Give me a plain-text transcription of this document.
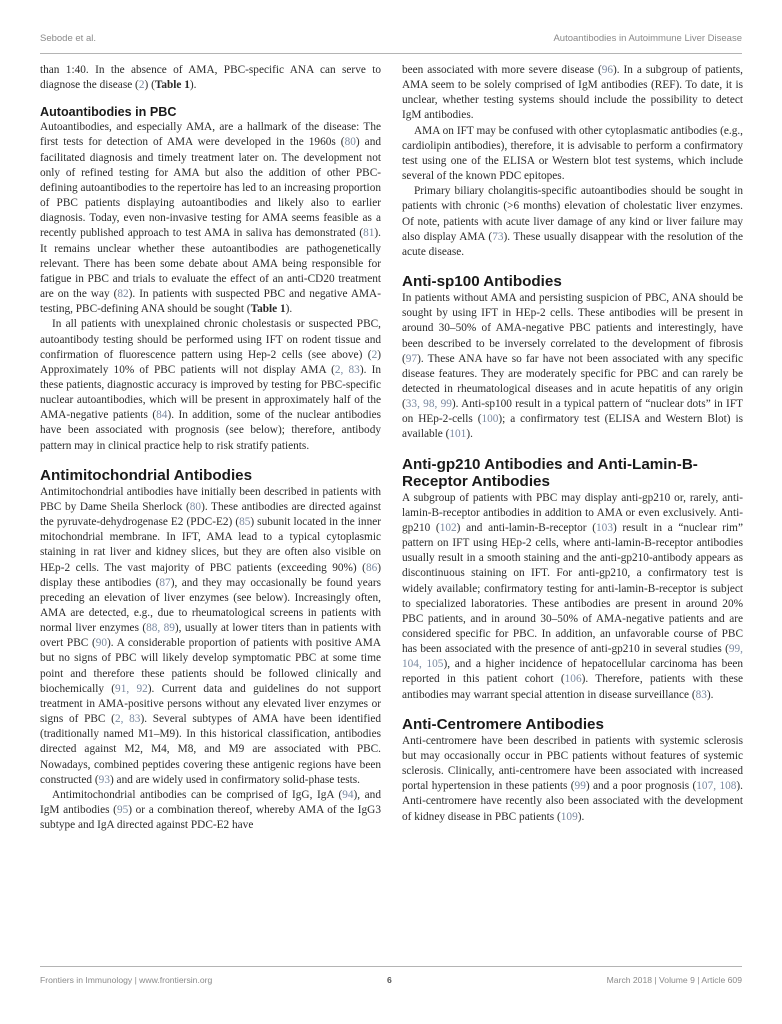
Sebode et al.	Autoantibodies in Autoimmune Liver Disease

than 1:40. In the absence of AMA, PBC-specific ANA can serve to diagnose the disease (2) (Table 1).

Autoantibodies in PBC

Autoantibodies, and especially AMA, are a hallmark of the disease: The first tests for detection of AMA were developed in the 1960s (80) and facilitated diagnosis and timely treatment later on. The development not only of refined testing for AMA but also the addition of other PBC-defining autoantibodies to the repertoire has led to an increasing proportion of PBC patients displaying autoantibodies and likely also to earlier diagnosis. Today, even non-invasive testing for AMA seems feasible as a recently published approach to test AMA in saliva has demonstrated (81). It remains unclear whether these autoantibodies are pathogenetically relevant. There has been some debate about AMA being responsible for fatigue in PBC and trials to evaluate the effect of an anti-CD20 treatment are on the way (82). In patients with suspected PBC and negative AMA-testing, PBC-defining ANA should be sought (Table 1).

In all patients with unexplained chronic cholestasis or suspected PBC, autoantibody testing should be performed using IFT on rodent tissue and confirmation of fluorescence pattern using Hep-2 cells (see above) (2) Approximately 10% of PBC patients will not display AMA (2, 83). In these patients, diagnostic accuracy is improved by testing for PBC-specific nuclear autoantibodies, which will be present in approximately half of the AMA-negative patients (84). In addition, some of the nuclear antibodies have been associated with prognosis (see below); therefore, antibody pattern may in clinical practice help to risk stratify patients.

Antimitochondrial Antibodies

Antimitochondrial antibodies have initially been described in patients with PBC by Dame Sheila Sherlock (80). These antibodies are directed against the pyruvate-dehydrogenase E2 (PDC-E2) (85) subunit located in the inner mitochondrial membrane. In IFT, AMA lead to a typical cytoplasmic staining in rat liver and kidney slices, but they are often also visible on HEp-2 cells. The vast majority of PBC patients (exceeding 90%) (86) display these antibodies (87), and they may occasionally be found years preceding an elevation of liver enzymes (see below). Increasingly often, AMA are detected, e.g., due to rheumatological screens in patients with normal liver enzymes (88, 89), usually at lower titers than in patients with overt PBC (90). A considerable proportion of patients with positive AMA but no signs of PBC will likely develop symptomatic PBC at some time point and therefore these patients should be followed clinically and biochemically (91, 92). Current data and guidelines do not support treatment in AMA-positive persons without any elevated liver enzymes or signs of PBC (2, 83). Several subtypes of AMA have been identified (traditionally named M1–M9). In this historical classification, antibodies directed against M2, M4, M8, and M9 are associated with PBC. Nowadays, combined peptides covering these antigenic regions have been constructed (93) and are widely used in confirmatory solid-phase tests.

Antimitochondrial antibodies can be comprised of IgG, IgA (94), and IgM antibodies (95) or a combination thereof, whereby AMA of the IgG3 subtype and IgA directed against PDC-E2 have

been associated with more severe disease (96). In a subgroup of patients, AMA seem to be solely comprised of IgM antibodies (REF). To date, it is unclear, whether testing systems should include the possibility to detect IgM antibodies.

AMA on IFT may be confused with other cytoplasmatic antibodies (e.g., cardiolipin antibodies), therefore, it is advisable to perform a confirmatory test using one of the ELISA or Western blot test systems, which include several of the known PDC epitopes.

Primary biliary cholangitis-specific autoantibodies should be sought in patients with chronic (>6 months) elevation of cholestatic liver enzymes. Of note, patients with acute liver damage of any kind or liver failure may also display AMA (73). These usually disappear with the resolution of the acute disease.

Anti-sp100 Antibodies

In patients without AMA and persisting suspicion of PBC, ANA should be sought by using IFT in HEp-2 cells. These antibodies will be present in around 30–50% of AMA-negative PBC patients and interestingly, have been described to be inversely correlated to the development of fibrosis (97). These ANA have so far have not been associated with any specific disease features. They are moderately specific for PBC and can rarely be detected in rheumatological diseases and in acute hepatitis of any origin (33, 98, 99). Anti-sp100 result in a typical pattern of “nuclear dots” in IFT on HEp-2-cells (100); a confirmatory test (ELISA and Western Blot) is available (101).

Anti-gp210 Antibodies and Anti-Lamin-B-Receptor Antibodies

A subgroup of patients with PBC may display anti-gp210 or, rarely, anti-lamin-B-receptor antibodies in addition to AMA or even exclusively. Anti-gp210 (102) and anti-lamin-B-receptor (103) result in a “nuclear rim” pattern on IFT using HEp-2 cells, where anti-lamin-B-receptor antibodies usually result in a smooth staining and the anti-gp210-antibody appears as discontinuous staining on IFT. For anti-gp210, a confirmatory test is widely available; confirmatory testing for anti-lamin-B-receptor is subject to specialized laboratories. These antibodies are present in around 20% PBC patients, and in around 30–50% of AMA-negative patients and are considered specific for PBC. In addition, an unfavorable course of PBC has been associated with the presence of anti-gp210 in several studies (99, 104, 105), and a higher incidence of hepatocellular carcinoma has been reported in this patient cohort (106). Therefore, patients with these antibodies may warrant special attention in disease surveillance (83).

Anti-Centromere Antibodies

Anti-centromere have been described in patients with systemic sclerosis but may occasionally occur in PBC patients without features of systemic sclerosis. Clinically, anti-centromere have been associated with increased portal hypertension in these patients (99) and a poor prognosis (107, 108). Anti-centromere have recently also been associated with the development of kidney disease in PBC patients (109).

Frontiers in Immunology | www.frontiersin.org	6	March 2018 | Volume 9 | Article 609
